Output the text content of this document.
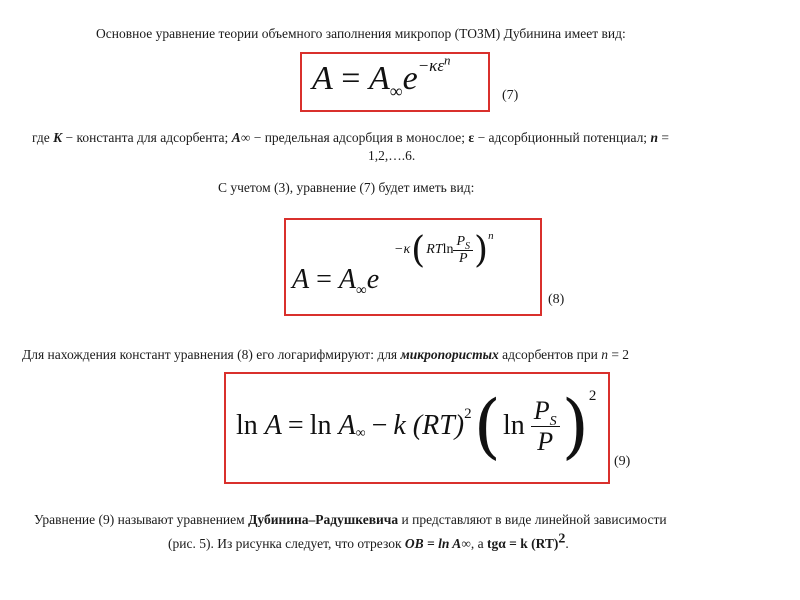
Основное уравнение теории объемного заполнения микропор (ТОЗМ) Дубинина имеет вид:
$A = A_\infty e^{-\kappa\varepsilon^n}$
(7)
где K − константа для адсорбента; A∞ − предельная адсорбция в монослое; ε − адсорбционный потенциал; n =
1,2,….6.
С учетом (3), уравнение (7) будет иметь вид:
$A = A_\infty e$
−κ ( RT $\ln \frac{P_S}{P} )^n$
(8)
Для нахождения констант уравнения (8) его логарифмируют: для микропористых адсорбентов при n = 2
ln
A = ln
$A_\infty - k$
(RT)$^2$ ( $\ln \frac{P_S}{P} )^2$
(9)
Уравнение (9) называют уравнением Дубинина–Радушкевича и представляют в виде линейной зависимости
(рис. 5). Из рисунка следует, что отрезок ОВ = ln A∞, а tgα = k (RT)$^2$.
